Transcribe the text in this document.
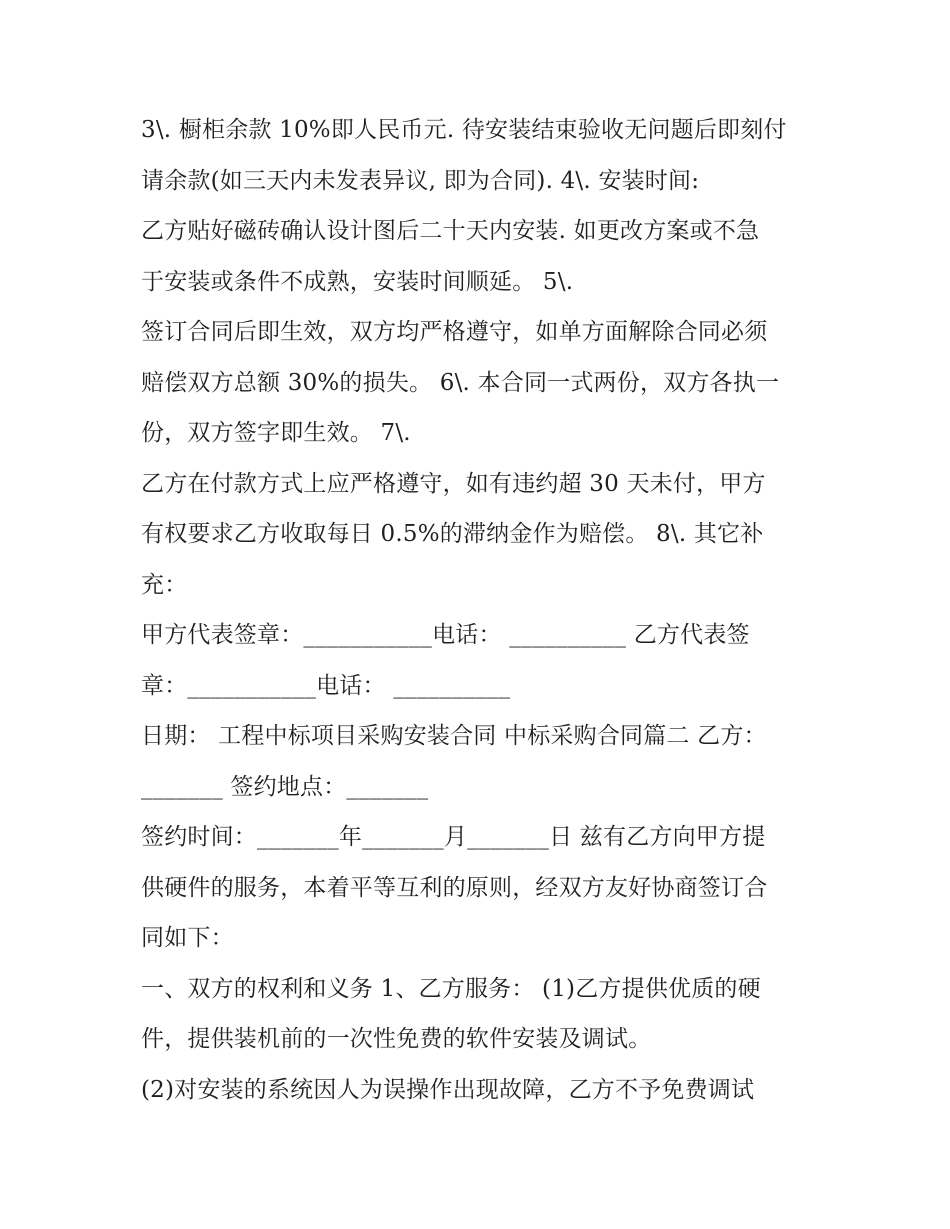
3\. 橱柜余款 10%即人民币元. 待安装结束验收无问题后即刻付
请余款(如三天内未发表异议, 即为合同). 4\. 安装时间:
乙方贴好磁砖确认设计图后二十天内安装. 如更改方案或不急
于安装或条件不成熟，安装时间顺延。 5\.
签订合同后即生效，双方均严格遵守，如单方面解除合同必须
赔偿双方总额 30%的损失。 6\. 本合同一式两份，双方各执一
份，双方签字即生效。 7\.
乙方在付款方式上应严格遵守，如有违约超 30 天未付，甲方
有权要求乙方收取每日 0.5%的滞纳金作为赔偿。 8\. 其它补
充：
甲方代表签章：___________电话： __________ 乙方代表签
章：___________电话： __________
日期： 工程中标项目采购安装合同 中标采购合同篇二 乙方：
_______ 签约地点：_______
签约时间：_______年_______月_______日 兹有乙方向甲方提
供硬件的服务，本着平等互利的原则，经双方友好协商签订合
同如下：
一、双方的权利和义务 1、乙方服务： (1)乙方提供优质的硬
件，提供装机前的一次性免费的软件安装及调试。
(2)对安装的系统因人为误操作出现故障，乙方不予免费调试
